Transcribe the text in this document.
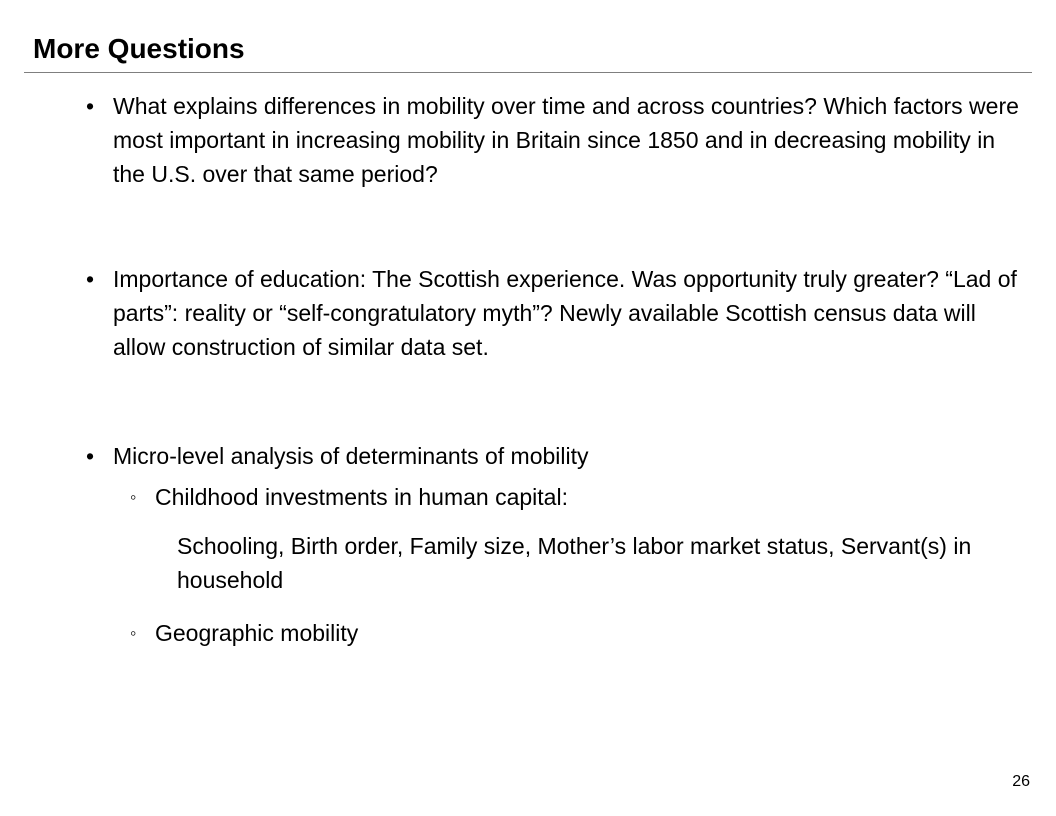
More Questions
• What explains differences in mobility over time and across countries? Which factors were most important in increasing mobility in Britain since 1850 and in decreasing mobility in the U.S. over that same period?
• Importance of education: The Scottish experience. Was opportunity truly greater? “Lad of parts”: reality or “self-congratulatory myth”? Newly available Scottish census data will allow construction of similar data set.
• Micro-level analysis of determinants of mobility
◦ Childhood investments in human capital:
Schooling, Birth order, Family size, Mother’s labor market status, Servant(s) in household
◦ Geographic mobility
26
